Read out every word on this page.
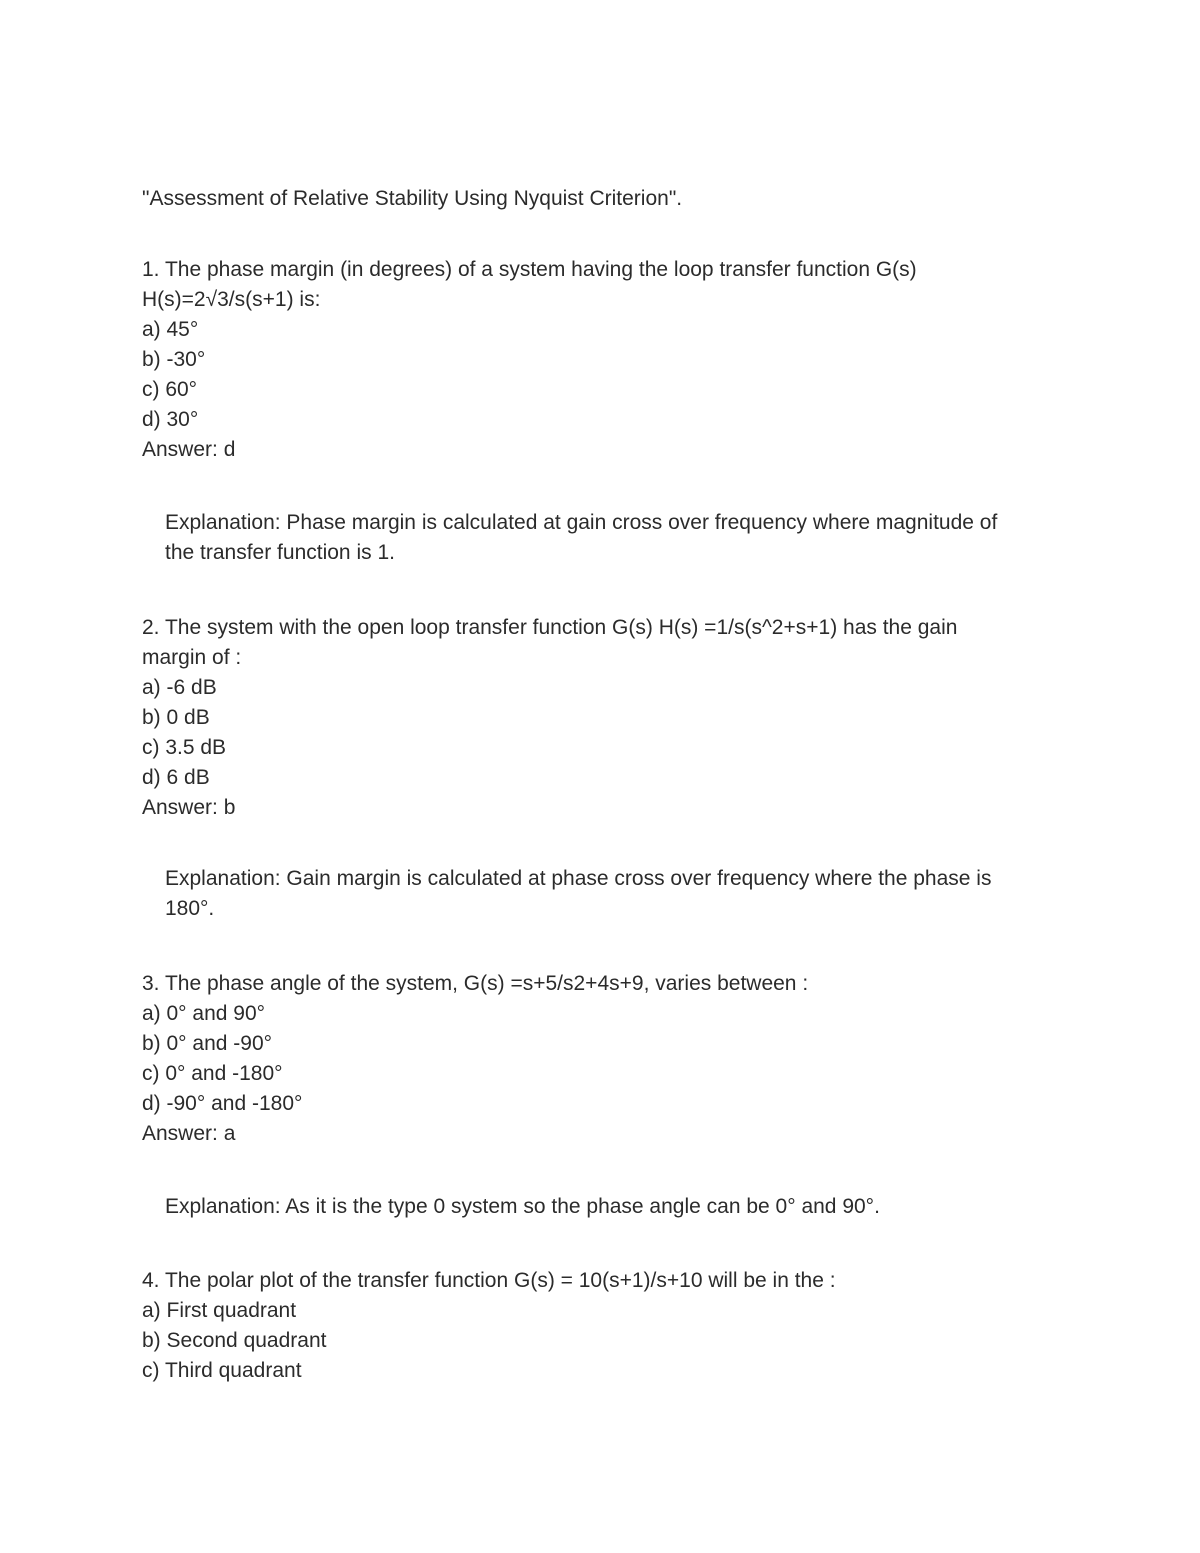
"Assessment of Relative Stability Using Nyquist Criterion".
1. The phase margin (in degrees) of a system having the loop transfer function G(s)
H(s)=2√3/s(s+1) is:
a) 45°
b) -30°
c) 60°
d) 30°
Answer: d
Explanation: Phase margin is calculated at gain cross over frequency where magnitude of
the transfer function is 1.
2. The system with the open loop transfer function G(s) H(s) =1/s(s^2+s+1) has the gain
margin of :
a) -6 dB
b) 0 dB
c) 3.5 dB
d) 6 dB
Answer: b
Explanation: Gain margin is calculated at phase cross over frequency where the phase is
180°.
3. The phase angle of the system, G(s) =s+5/s2+4s+9, varies between :
a) 0° and 90°
b) 0° and -90°
c) 0° and -180°
d) -90° and -180°
Answer: a
Explanation: As it is the type 0 system so the phase angle can be 0° and 90°.
4. The polar plot of the transfer function G(s) = 10(s+1)/s+10 will be in the :
a) First quadrant
b) Second quadrant
c) Third quadrant
